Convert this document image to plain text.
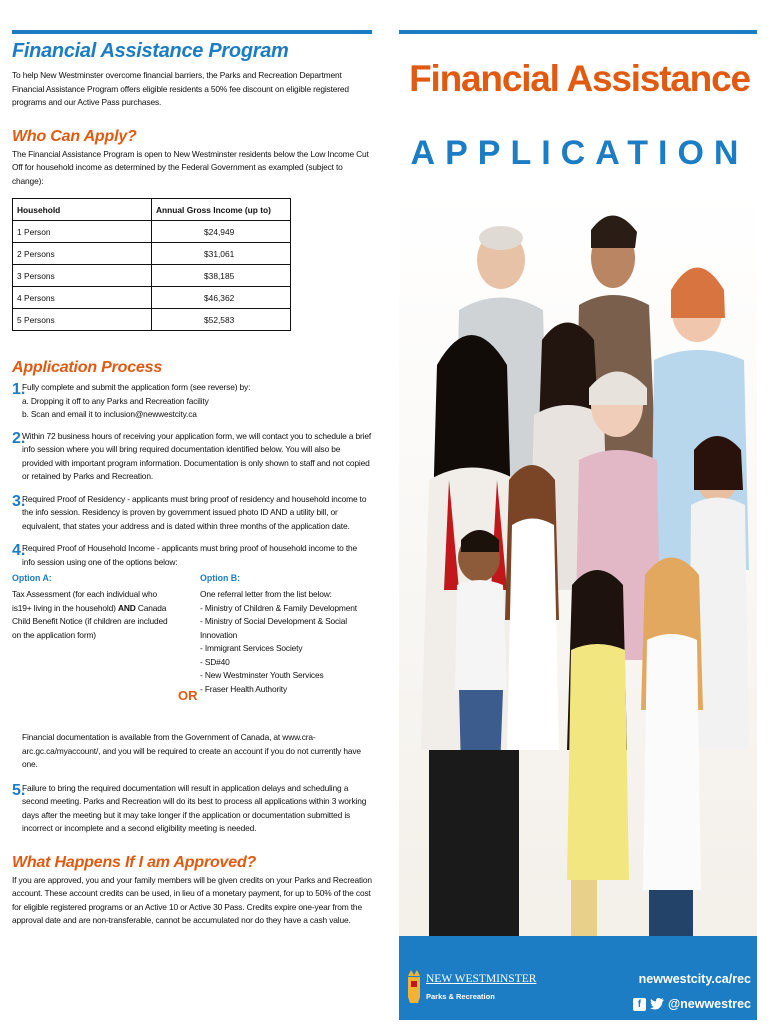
Financial Assistance Program

To help New Westminster overcome financial barriers, the Parks and Recreation Department Financial Assistance Program offers eligible residents a 50% fee discount on eligible registered programs and our Active Pass purchases.

Who Can Apply?

The Financial Assistance Program is open to New Westminster residents below the Low Income Cut Off for household income as determined by the Federal Government as exampled (subject to change):

Household	Annual Gross Income (up to)
1 Person	$24,949
2 Persons	$31,061
3 Persons	$38,185
4 Persons	$46,362
5 Persons	$52,583
Application Process
1.

Fully complete and submit the application form (see reverse) by:

a. Dropping it off to any Parks and Recreation facility

b. Scan and email it to inclusion@newwestcity.ca

2.

Within 72 business hours of receiving your application form, we will contact you to schedule a brief info session where you will bring required documentation identified below. You will also be provided with important program information. Documentation is only shown to staff and not copied or retained by Parks and Recreation.

3.

Required Proof of Residency - applicants must bring proof of residency and household income to the info session. Residency is proven by government issued photo ID AND a utility bill, or equivalent, that states your address and is dated within three months of the application date.

4.

Required Proof of Household Income - applicants must bring proof of household income to the info session using one of the options below:

Option A:

Tax Assessment (for each individual who is19+ living in the household) AND Canada Child Benefit Notice (if children are included on the application form)

Option B:

One referral letter from the list below:

- Ministry of Children & Family Development

- Ministry of Social Development & Social Innovation

- Immigrant Services Society

- SD#40

- New Westminster Youth Services

- Fraser Health Authority

Financial documentation is available from the Government of Canada, at www.cra-arc.gc.ca/myaccount/, and you will be required to create an account if you do not currently have one.

5.

Failure to bring the required documentation will result in application delays and scheduling a second meeting. Parks and Recreation will do its best to process all applications within 3 working days after the meeting but it may take longer if the application or documentation submitted is incorrect or incomplete and a second eligibility meeting is needed.

What Happens If I am Approved?

If you are approved, you and your family members will be given credits on your Parks and Recreation account. These account credits can be used, in lieu of a monetary payment, for up to 50% of the cost for eligible registered programs or an Active 10 or Active 30 Pass. Credits expire one-year from the approval date and are non-transferable, cannot be accumulated nor do they have a cash value.

OR
Financial Assistance
APPLICATION
NEW WESTMINSTER
Parks & Recreation
newwestcity.ca/rec
f	@newwestrec
